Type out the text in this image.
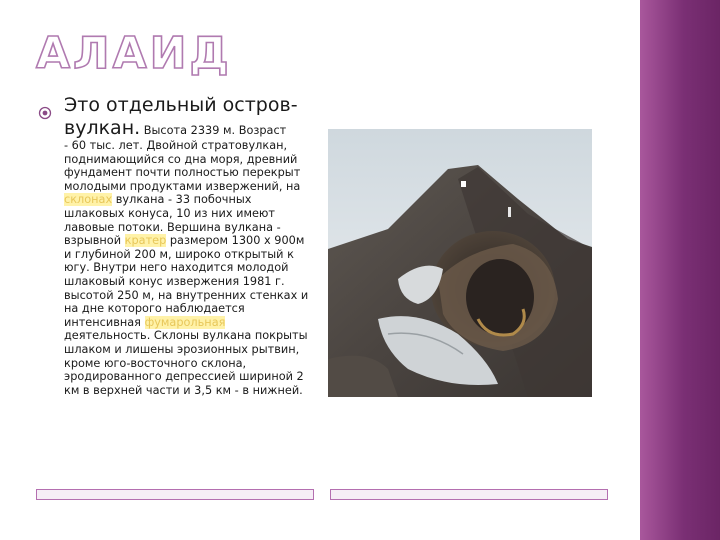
АЛАИД
Это отдельный остров-
вулкан. Высота 2339 м. Возраст
- 60 тыс. лет. Двойной стратовулкан, поднимающийся со дна моря, древний фундамент почти полностью перекрыт молодыми продуктами извержений, на склонах вулкана - 33 побочных шлаковых конуса, 10 из них имеют лавовые потоки. Вершина вулкана - взрывной кратер размером 1300 х 900м и глубиной 200 м, широко открытый к югу. Внутри него находится молодой шлаковый конус извержения 1981 г. высотой 250 м, на внутренних стенках и на дне которого наблюдается интенсивная фумарольная деятельность. Склоны вулкана покрыты шлаком и лишены эрозионных рытвин, кроме юго-восточного склона, эродированного депрессией шириной 2 км в верхней части и 3,5 км - в нижней.
